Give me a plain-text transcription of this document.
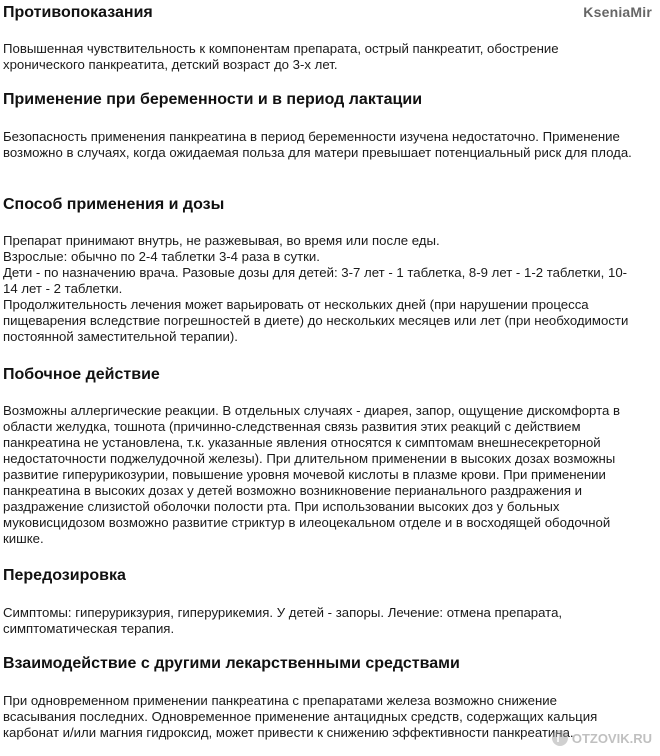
KseniaMir
Противопоказания

Повышенная чувствительность к компонентам препарата, острый панкреатит, обострение хронического панкреатита, детский возраст до 3-х лет.

Применение при беременности и в период лактации

Безопасность применения панкреатина в период беременности изучена недостаточно. Применение возможно в случаях, когда ожидаемая польза для матери превышает потенциальный риск для плода.

Способ применения и дозы

Препарат принимают внутрь, не разжевывая, во время или после еды.

Взрослые: обычно по 2-4 таблетки 3-4 раза в сутки.

Дети - по назначению врача. Разовые дозы для детей: 3-7 лет - 1 таблетка, 8-9 лет - 1-2 таблетки, 10-14 лет - 2 таблетки.

Продолжительность лечения может варьировать от нескольких дней (при нарушении процесса пищеварения вследствие погрешностей в диете) до нескольких месяцев или лет (при необходимости постоянной заместительной терапии).

Побочное действие

Возможны аллергические реакции. В отдельных случаях - диарея, запор, ощущение дискомфорта в области желудка, тошнота (причинно-следственная связь развития этих реакций с действием панкреатина не установлена, т.к. указанные явления относятся к симптомам внешнесекреторной недостаточности поджелудочной железы). При длительном применении в высоких дозах возможны развитие гиперурикозурии, повышение уровня мочевой кислоты в плазме крови. При применении панкреатина в высоких дозах у детей возможно возникновение перианального раздражения и раздражение слизистой оболочки полости рта. При использовании высоких доз у больных муковисцидозом возможно развитие стриктур в илеоцекальном отделе и в восходящей ободочной кишке.

Передозировка

Симптомы: гиперурикзурия, гиперурикемия. У детей - запоры. Лечение: отмена препарата, симптоматическая терапия.

Взаимодействие с другими лекарственными средствами

При одновременном применении панкреатина с препаратами железа возможно снижение всасывания последних. Одновременное применение антацидных средств, содержащих кальция карбонат и/или магния гидроксид, может привести к снижению эффективности панкреатина.

OTZOVIK.RU
